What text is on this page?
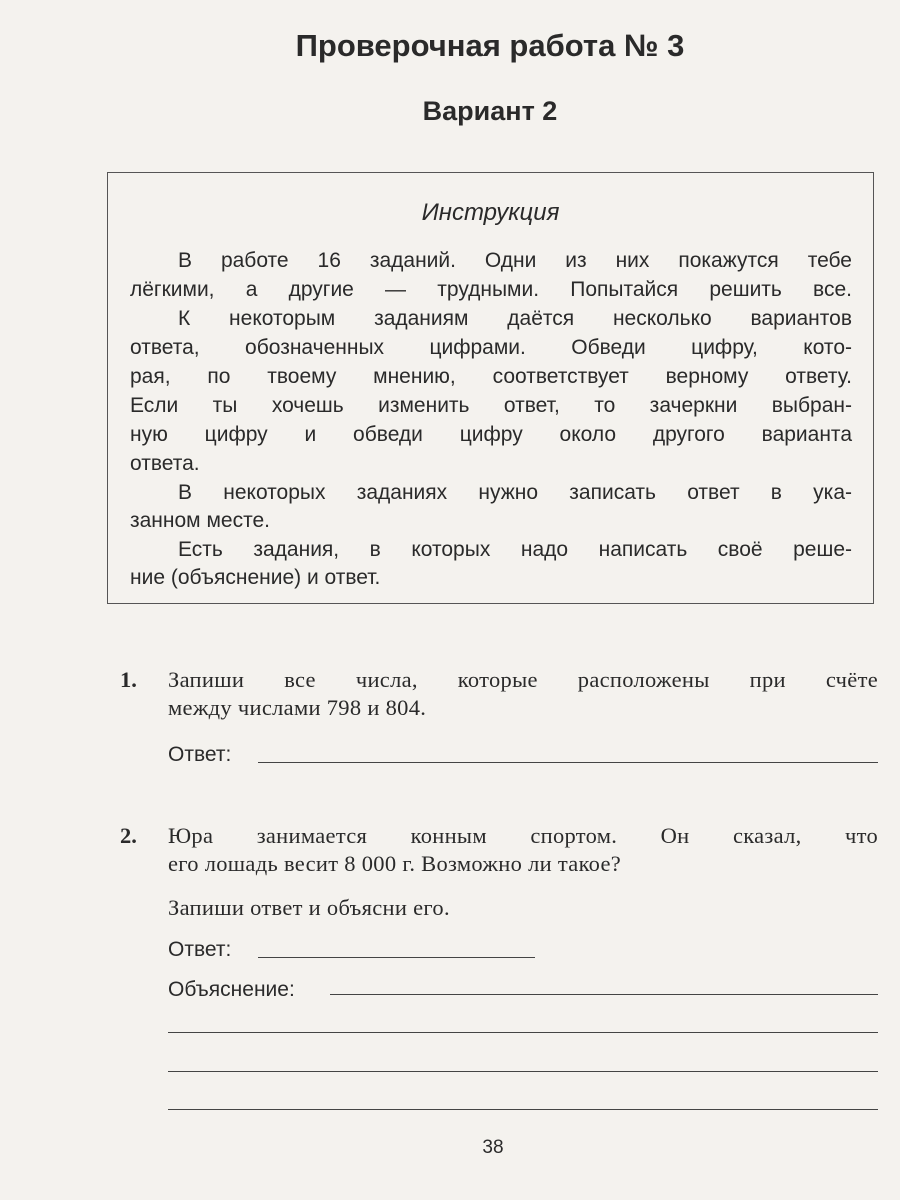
Проверочная работа № 3
Вариант 2
Инструкция
В работе 16 заданий. Одни из них покажутся тебе
лёгкими, а другие — трудными. Попытайся решить все.
К некоторым заданиям даётся несколько вариантов
ответа, обозначенных цифрами. Обведи цифру, кото-
рая, по твоему мнению, соответствует верному ответу.
Если ты хочешь изменить ответ, то зачеркни выбран-
ную цифру и обведи цифру около другого варианта
ответа.
В некоторых заданиях нужно записать ответ в ука-
занном месте.
Есть задания, в которых надо написать своё реше-
ние (объяснение) и ответ.
1. Запиши все числа, которые расположены при счёте
между числами 798 и 804.
Ответ:
2. Юра занимается конным спортом. Он сказал, что
его лошадь весит 8 000 г. Возможно ли такое?
Запиши ответ и объясни его.
Ответ:
Объяснение:
38
